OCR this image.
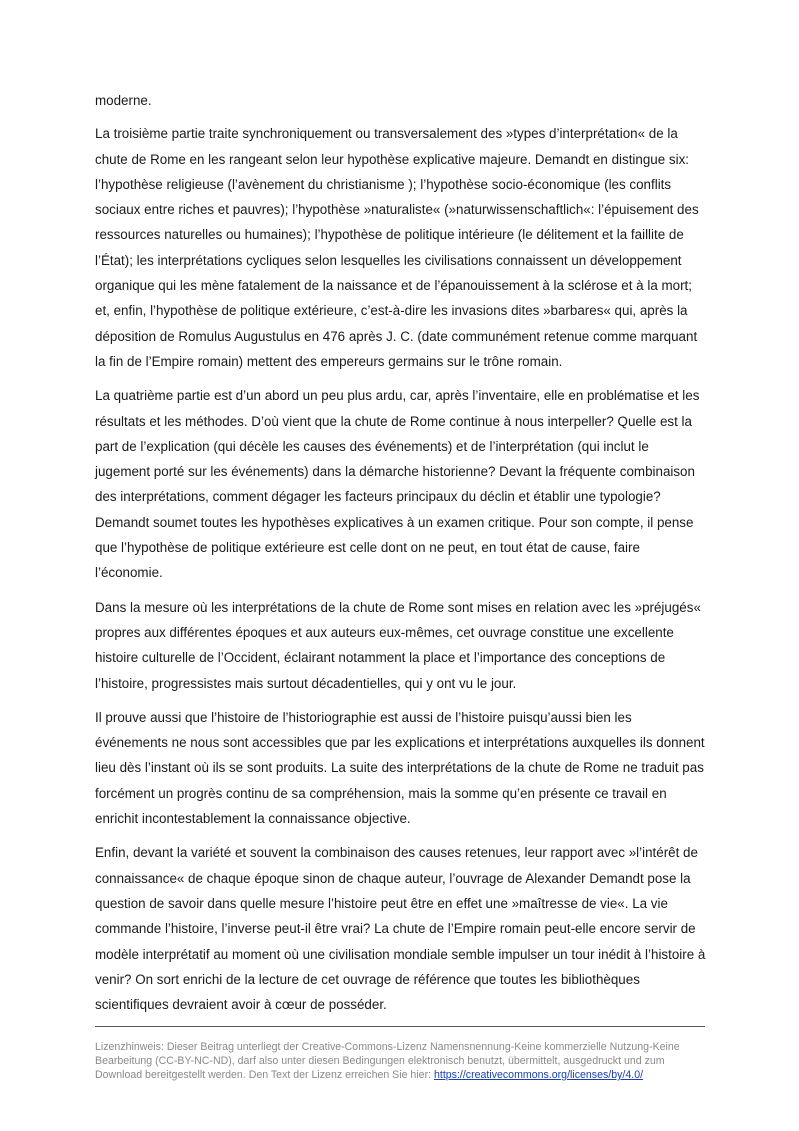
moderne.

La troisième partie traite synchroniquement ou transversalement des »types d’interprétation« de la chute de Rome en les rangeant selon leur hypothèse explicative majeure. Demandt en distingue six: l’hypothèse religieuse (l’avènement du christianisme ); l’hypothèse socio-économique (les conflits sociaux entre riches et pauvres); l’hypothèse »naturaliste« (»naturwissenschaftlich«: l’épuisement des ressources naturelles ou humaines); l’hypothèse de politique intérieure (le délitement et la faillite de l’État); les interprétations cycliques selon lesquelles les civilisations connaissent un développement organique qui les mène fatalement de la naissance et de l’épanouissement à la sclérose et à la mort; et, enfin, l’hypothèse de politique extérieure, c’est-à-dire les invasions dites »barbares« qui, après la déposition de Romulus Augustulus en 476 après J. C. (date communément retenue comme marquant la fin de l’Empire romain) mettent des empereurs germains sur le trône romain.

La quatrième partie est d’un abord un peu plus ardu, car, après l’inventaire, elle en problématise et les résultats et les méthodes. D’où vient que la chute de Rome continue à nous interpeller? Quelle est la part de l’explication (qui décèle les causes des événements) et de l’interprétation (qui inclut le jugement porté sur les événements) dans la démarche historienne? Devant la fréquente combinaison des interprétations, comment dégager les facteurs principaux du déclin et établir une typologie? Demandt soumet toutes les hypothèses explicatives à un examen critique. Pour son compte, il pense que l’hypothèse de politique extérieure est celle dont on ne peut, en tout état de cause, faire l’économie.

Dans la mesure où les interprétations de la chute de Rome sont mises en relation avec les »préjugés« propres aux différentes époques et aux auteurs eux-mêmes, cet ouvrage constitue une excellente histoire culturelle de l’Occident, éclairant notamment la place et l’importance des conceptions de l’histoire, progressistes mais surtout décadentielles, qui y ont vu le jour.

Il prouve aussi que l’histoire de l’historiographie est aussi de l’histoire puisqu’aussi bien les événements ne nous sont accessibles que par les explications et interprétations auxquelles ils donnent lieu dès l’instant où ils se sont produits. La suite des interprétations de la chute de Rome ne traduit pas forcément un progrès continu de sa compréhension, mais la somme qu’en présente ce travail en enrichit incontestablement la connaissance objective.

Enfin, devant la variété et souvent la combinaison des causes retenues, leur rapport avec »l’intérêt de connaissance« de chaque époque sinon de chaque auteur, l’ouvrage de Alexander Demandt pose la question de savoir dans quelle mesure l’histoire peut être en effet une »maîtresse de vie«. La vie commande l’histoire, l’inverse peut-il être vrai? La chute de l’Empire romain peut-elle encore servir de modèle interprétatif au moment où une civilisation mondiale semble impulser un tour inédit à l’histoire à venir? On sort enrichi de la lecture de cet ouvrage de référence que toutes les bibliothèques scientifiques devraient avoir à cœur de posséder.

Lizenzhinweis: Dieser Beitrag unterliegt der Creative-Commons-Lizenz Namensnennung-Keine kommerzielle Nutzung-Keine Bearbeitung (CC-BY-NC-ND), darf also unter diesen Bedingungen elektronisch benutzt, übermittelt, ausgedruckt und zum Download bereitgestellt werden. Den Text der Lizenz erreichen Sie hier: https://creativecommons.org/licenses/by/4.0/
